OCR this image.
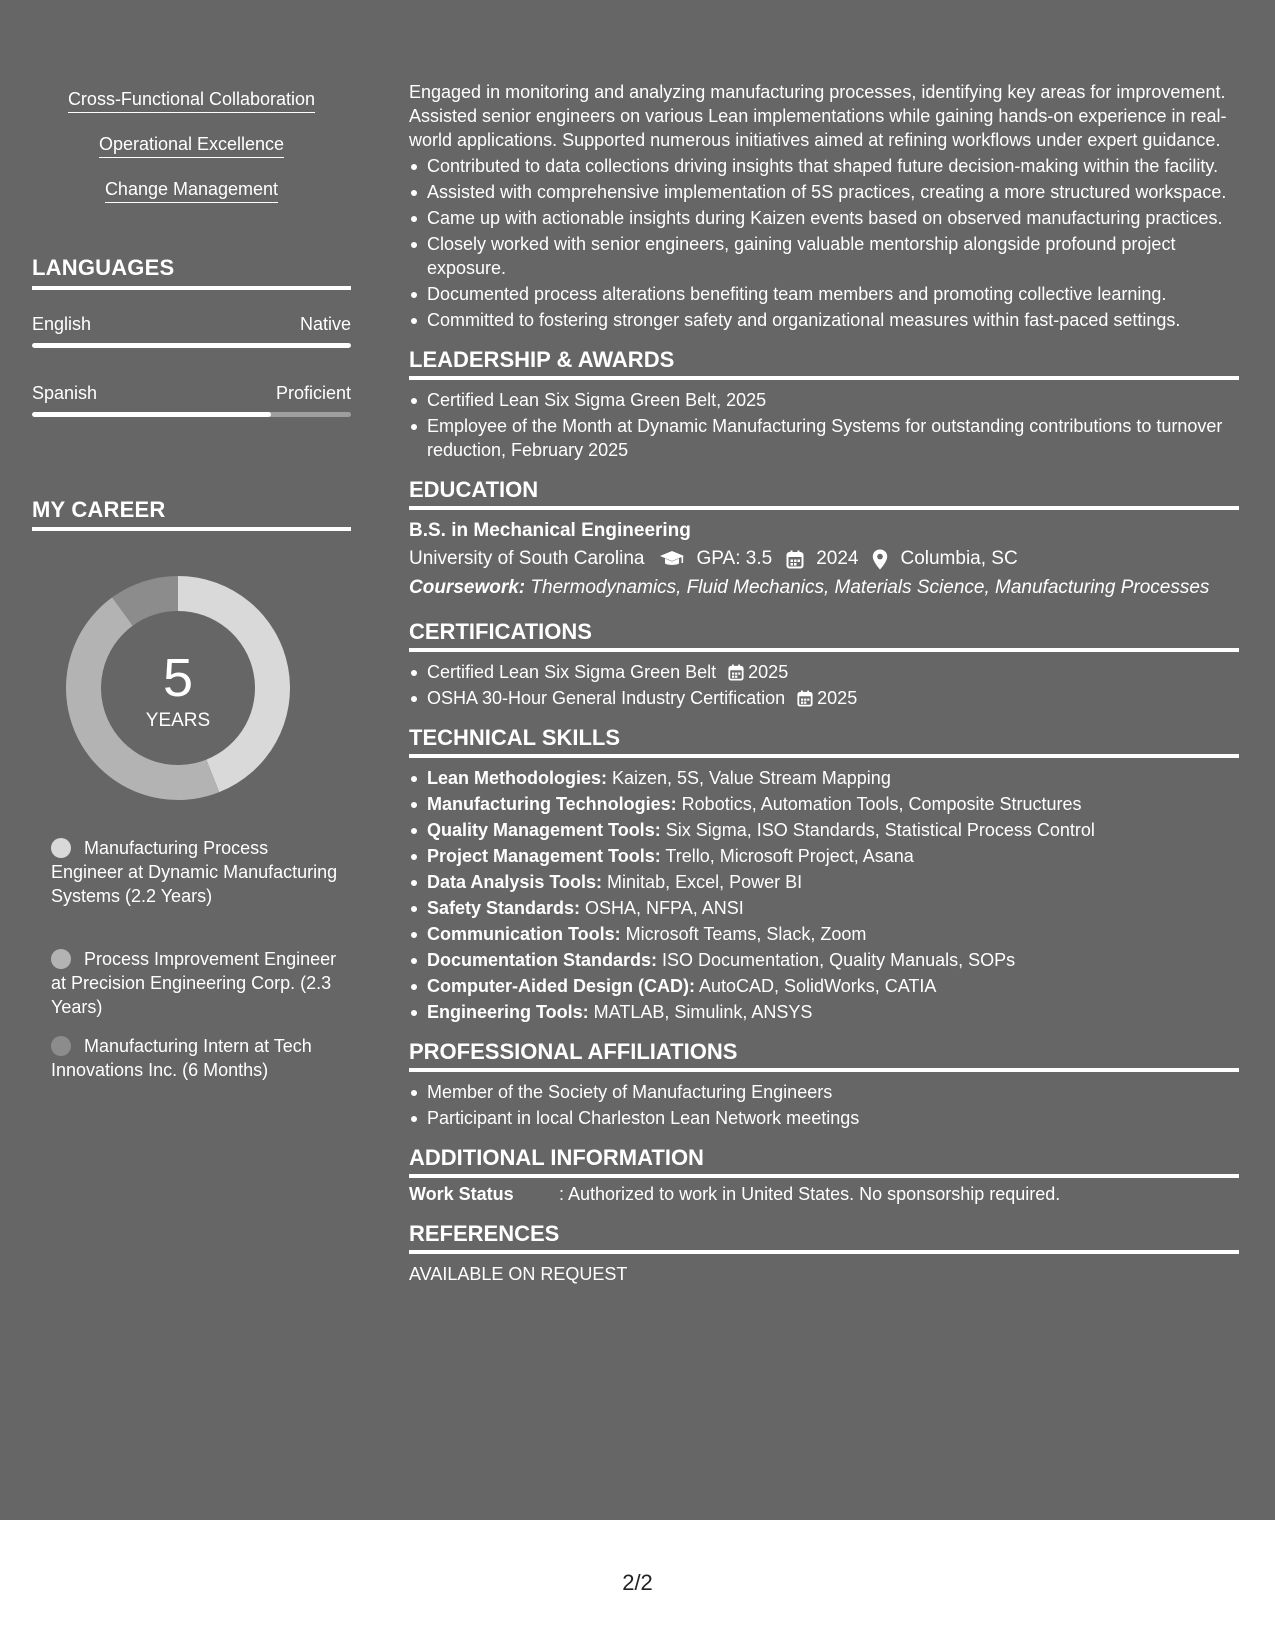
Cross-Functional Collaboration
Operational Excellence
Change Management
LANGUAGES
English	Native
Spanish	Proficient
MY CAREER
5
YEARS
Manufacturing Process Engineer at Dynamic Manufacturing Systems (2.2 Years)
Process Improvement Engineer at Precision Engineering Corp. (2.3 Years)
Manufacturing Intern at Tech Innovations Inc. (6 Months)

Engaged in monitoring and analyzing manufacturing processes, identifying key areas for improvement. Assisted senior engineers on various Lean implementations while gaining hands-on experience in real-world applications. Supported numerous initiatives aimed at refining workflows under expert guidance.

Contributed to data collections driving insights that shaped future decision-making within the facility.
Assisted with comprehensive implementation of 5S practices, creating a more structured workspace.
Came up with actionable insights during Kaizen events based on observed manufacturing practices.
Closely worked with senior engineers, gaining valuable mentorship alongside profound project exposure.
Documented process alterations benefiting team members and promoting collective learning.
Committed to fostering stronger safety and organizational measures within fast-paced settings.
LEADERSHIP & AWARDS
Certified Lean Six Sigma Green Belt, 2025
Employee of the Month at Dynamic Manufacturing Systems for outstanding contributions to turnover reduction, February 2025
EDUCATION
B.S. in Mechanical Engineering
University of South Carolina	GPA: 3.5 2024 Columbia, SC
Coursework: Thermodynamics, Fluid Mechanics, Materials Science, Manufacturing Processes
CERTIFICATIONS
Certified Lean Six Sigma Green Belt 2025
OSHA 30-Hour General Industry Certification 2025
TECHNICAL SKILLS
Lean Methodologies: Kaizen, 5S, Value Stream Mapping
Manufacturing Technologies: Robotics, Automation Tools, Composite Structures
Quality Management Tools: Six Sigma, ISO Standards, Statistical Process Control
Project Management Tools: Trello, Microsoft Project, Asana
Data Analysis Tools: Minitab, Excel, Power BI
Safety Standards: OSHA, NFPA, ANSI
Communication Tools: Microsoft Teams, Slack, Zoom
Documentation Standards: ISO Documentation, Quality Manuals, SOPs
Computer-Aided Design (CAD): AutoCAD, SolidWorks, CATIA
Engineering Tools: MATLAB, Simulink, ANSYS
PROFESSIONAL AFFILIATIONS
Member of the Society of Manufacturing Engineers
Participant in local Charleston Lean Network meetings
ADDITIONAL INFORMATION
Work Status	: Authorized to work in United States. No sponsorship required.
REFERENCES
AVAILABLE ON REQUEST
2/2
